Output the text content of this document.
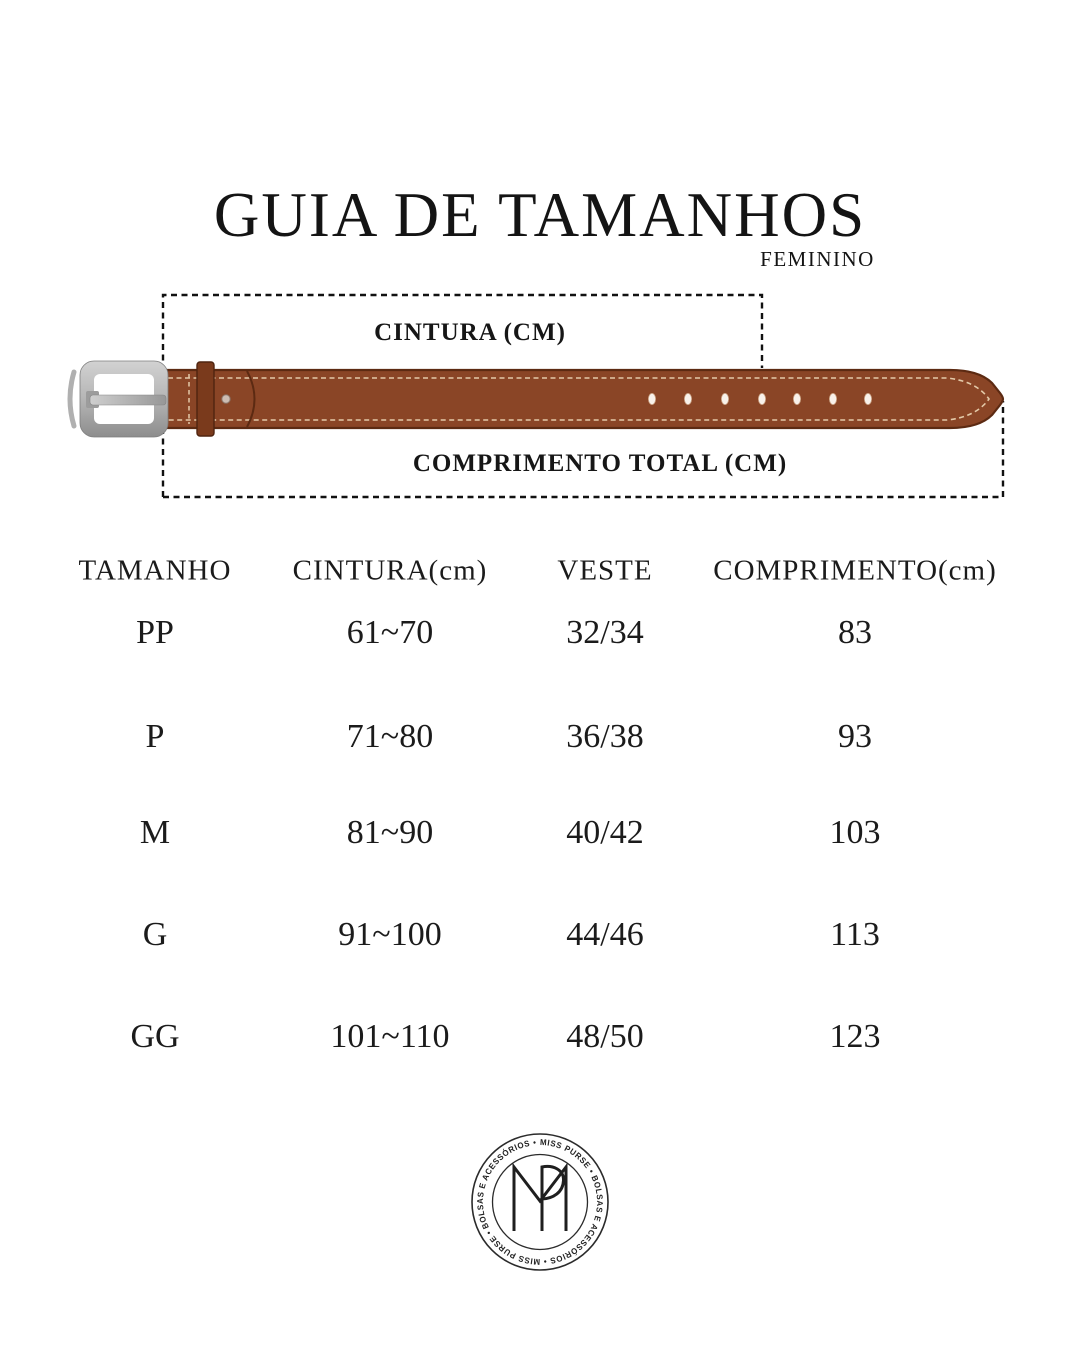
GUIA DE TAMANHOS
FEMININO
CINTURA (CM)
COMPRIMENTO TOTAL (CM)
TAMANHO	CINTURA(cm)	VESTE	COMPRIMENTO(cm)
PP	61~70	32/34	83
P	71~80	36/38	93
M	81~90	40/42	103
G	91~100	44/46	113
GG	101~110	48/50	123
MISS PURSE • BOLSAS E ACESSÓRIOS • MISS PURSE • BOLSAS E ACESSÓRIOS •
